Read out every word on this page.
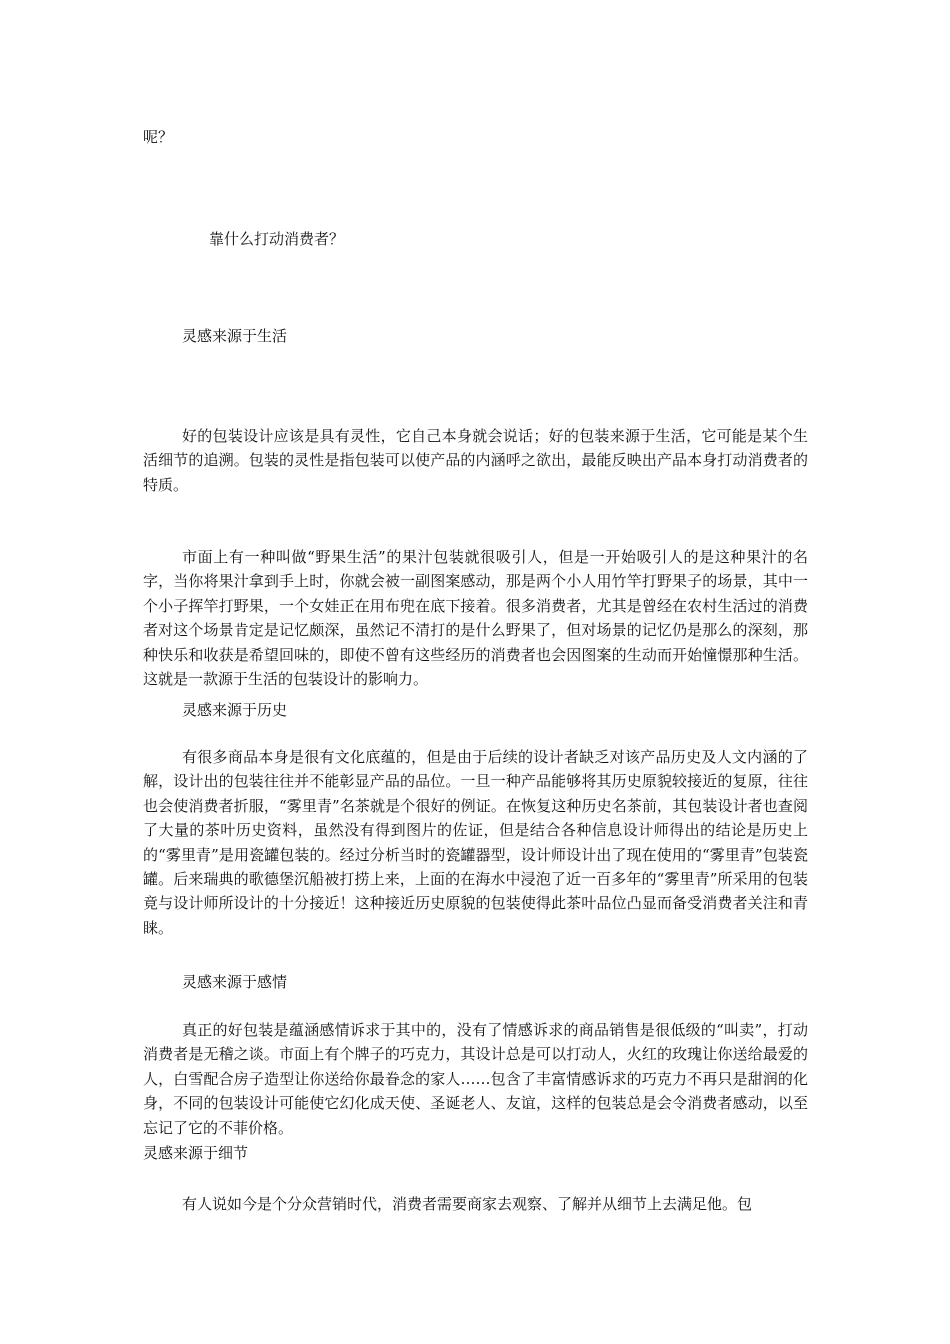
呢？
靠什么打动消费者？
灵感来源于生活

好的包装设计应该是具有灵性，它自己本身就会说话；好的包装来源于生活，它可能是某个生活细节的追溯。包装的灵性是指包装可以使产品的内涵呼之欲出，最能反映出产品本身打动消费者的特质。

市面上有一种叫做“野果生活”的果汁包装就很吸引人，但是一开始吸引人的是这种果汁的名字，当你将果汁拿到手上时，你就会被一副图案感动，那是两个小人用竹竿打野果子的场景，其中一个小子挥竿打野果，一个女娃正在用布兜在底下接着。很多消费者，尤其是曾经在农村生活过的消费者对这个场景肯定是记忆颇深，虽然记不清打的是什么野果了，但对场景的记忆仍是那么的深刻，那种快乐和收获是希望回味的，即使不曾有这些经历的消费者也会因图案的生动而开始憧憬那种生活。这就是一款源于生活的包装设计的影响力。

灵感来源于历史

有很多商品本身是很有文化底蕴的，但是由于后续的设计者缺乏对该产品历史及人文内涵的了解，设计出的包装往往并不能彰显产品的品位。一旦一种产品能够将其历史原貌较接近的复原，往往也会使消费者折服，“雾里青”名茶就是个很好的例证。在恢复这种历史名茶前，其包装设计者也查阅了大量的茶叶历史资料，虽然没有得到图片的佐证，但是结合各种信息设计师得出的结论是历史上的“雾里青”是用瓷罐包装的。经过分析当时的瓷罐器型，设计师设计出了现在使用的“雾里青”包装瓷罐。后来瑞典的歌德堡沉船被打捞上来，上面的在海水中浸泡了近一百多年的“雾里青”所采用的包装竟与设计师所设计的十分接近！这种接近历史原貌的包装使得此茶叶品位凸显而备受消费者关注和青睐。

灵感来源于感情

真正的好包装是蕴涵感情诉求于其中的，没有了情感诉求的商品销售是很低级的“叫卖”，打动消费者是无稽之谈。市面上有个牌子的巧克力，其设计总是可以打动人，火红的玫瑰让你送给最爱的人，白雪配合房子造型让你送给你最眷念的家人……包含了丰富情感诉求的巧克力不再只是甜润的化身，不同的包装设计可能使它幻化成天使、圣诞老人、友谊，这样的包装总是会令消费者感动，以至忘记了它的不菲价格。

灵感来源于细节

有人说如今是个分众营销时代，消费者需要商家去观察、了解并从细节上去满足他。包
